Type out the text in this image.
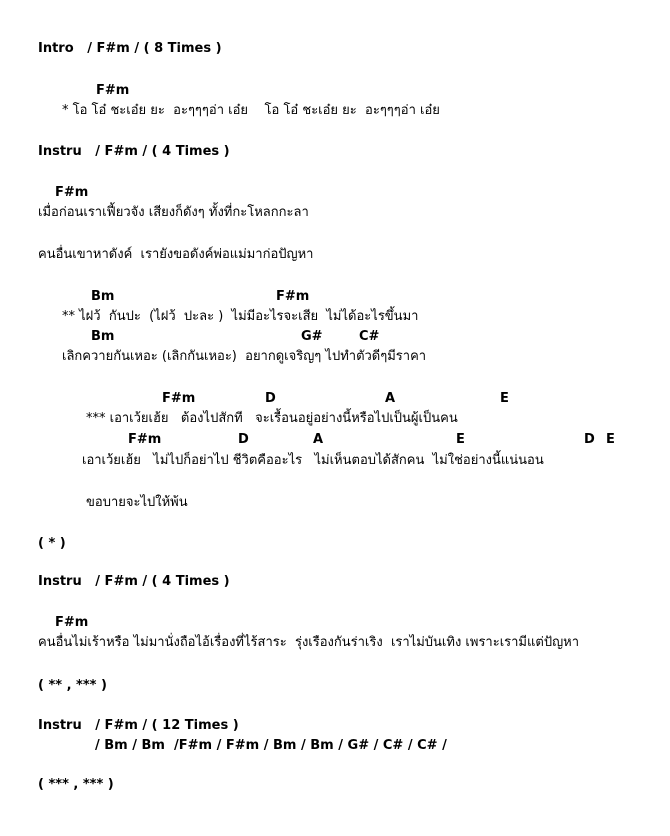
Intro   / F#m / ( 8 Times )
F#m
* โอ โอ๋ ชะเอ๋ย ยะ  อะๆๆๆอ่า เอ๋ย    โอ โอ๋ ชะเอ๋ย ยะ  อะๆๆๆอ่า เอ๋ย
Instru   / F#m / ( 4 Times )
F#m
เมื่อก่อนเราเฟี้ยวจัง เสียงก็ดังๆ ทั้งที่กะโหลกกะลา
คนอื่นเขาหาดังค์  เรายังขอดังค์พ่อแม่มาก่อปัญหา
Bm	F#m
** ไฝว้  กันปะ  (ไฝว้  ปะละ )  ไม่มีอะไรจะเสีย  ไม่ได้อะไรขึ้นมา
Bm	G#	C#
เลิกควายกันเหอะ (เลิกกันเหอะ)  อยากดูเจริญๆ ไปทำตัวดีๆมีราคา
F#m	D	A	E
*** เอาเว้ยเฮ้ย   ต้องไปสักที   จะเรื้อนอยู่อย่างนี้หรือไปเป็นผู้เป็นคน
F#m	D	A	E	D E
เอาเว้ยเฮ้ย   ไม่ไปก็อย่าไป ชีวิตคืออะไร   ไม่เห็นตอบได้สักคน  ไม่ใช่อย่างนี้แน่นอน
ขอบายจะไปให้พ้น
( * )
Instru   / F#m / ( 4 Times )
F#m
คนอื่นไม่เร้าหรือ ไม่มานั่งถือไอ้เรื่องที่ไร้สาระ  รุ่งเรืองกันร่าเริง  เราไม่บันเทิง เพราะเรามีแต่ปัญหา
( ** , *** )
Instru   / F#m / ( 12 Times )
/ Bm / Bm  /F#m / F#m / Bm / Bm / G# / C# / C# /
( *** , *** )
